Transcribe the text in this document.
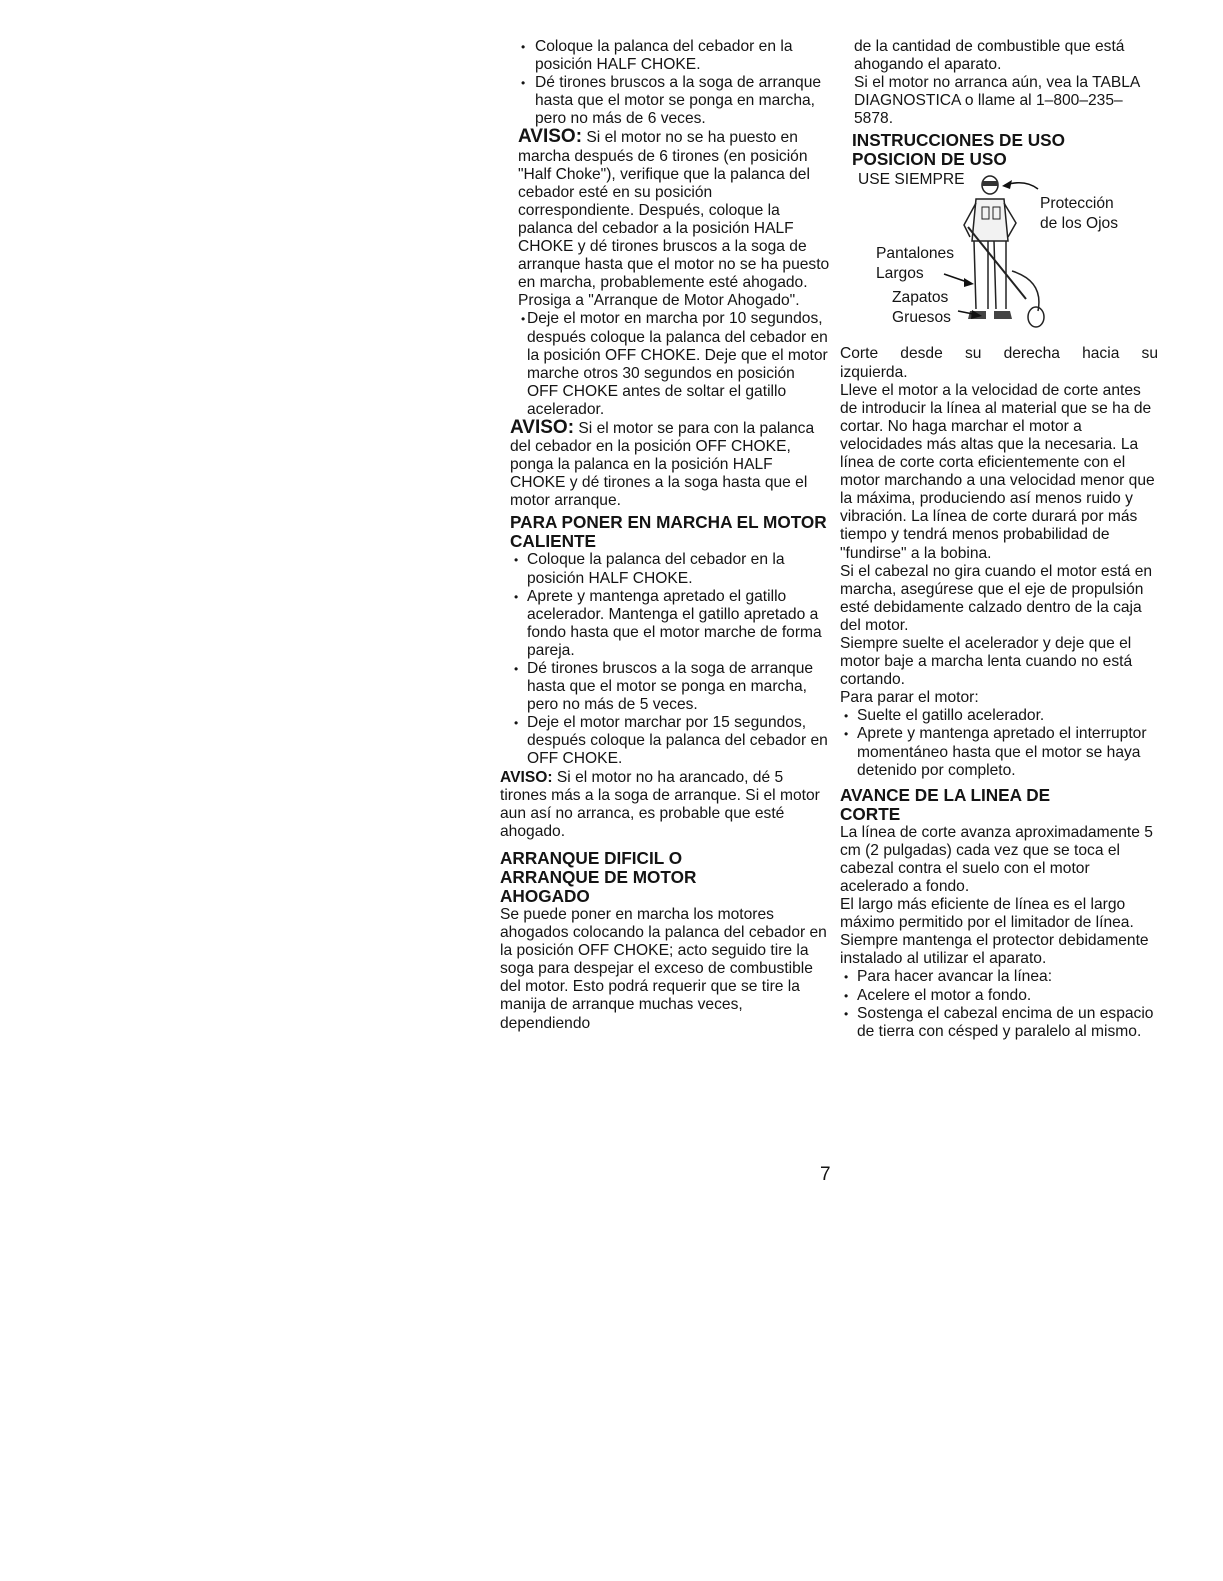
• Coloque la palanca del cebador en la posición HALF CHOKE.
• Dé tirones bruscos a la soga de arranque hasta que el motor se ponga en marcha, pero no más de 6 veces.

AVISO: Si el motor no se ha puesto en marcha después de 6 tirones (en posición "Half Choke"), verifique que la palanca del cebador esté en su posición correspondiente. Después, coloque la palanca del cebador a la posición HALF CHOKE y dé tirones bruscos a la soga de arranque hasta que el motor no se ha puesto en marcha, probablemente esté ahogado. Prosiga a "Arranque de Motor Ahogado".

• Deje el motor en marcha por 10 segundos, después coloque la palanca del cebador en la posición OFF CHOKE. Deje que el motor marche otros 30 segundos en posición OFF CHOKE antes de soltar el gatillo acelerador.

AVISO: Si el motor se para con la palanca del cebador en la posición OFF CHOKE, ponga la palanca en la posición HALF CHOKE y dé tirones a la soga hasta que el motor arranque.

PARA PONER EN MARCHA EL MOTOR CALIENTE
• Coloque la palanca del cebador en la posición HALF CHOKE.
• Aprete y mantenga apretado el gatillo acelerador. Mantenga el gatillo apretado a fondo hasta que el motor marche de forma pareja.
• Dé tirones bruscos a la soga de arranque hasta que el motor se ponga en marcha, pero no más de 5 veces.
• Deje el motor marchar por 15 segundos, después coloque la palanca del cebador en OFF CHOKE.

AVISO: Si el motor no ha arancado, dé 5 tirones más a la soga de arranque. Si el motor aun así no arranca, es probable que esté ahogado.

ARRANQUE DIFICIL O ARRANQUE DE MOTOR AHOGADO

Se puede poner en marcha los motores ahogados colocando la palanca del cebador en la posición OFF CHOKE; acto seguido tire la soga para despejar el exceso de combustible del motor. Esto podrá requerir que se tire la manija de arranque muchas veces, dependiendo

de la cantidad de combustible que está ahogando el aparato.

Si el motor no arranca aún, vea la TABLA DIAGNOSTICA o llame al 1–800–235–5878.

INSTRUCCIONES DE USO
POSICION DE USO
USE SIEMPRE
Protección
de los Ojos
Pantalones
Largos
Zapatos
Gruesos

Corte desde su derecha hacia su

izquierda.

Lleve el motor a la velocidad de corte antes de introducir la línea al material que se ha de cortar. No haga marchar el motor a velocidades más altas que la necesaria. La línea de corte corta eficientemente con el motor marchando a una velocidad menor que la máxima, produciendo así menos ruido y vibración. La línea de corte durará por más tiempo y tendrá menos probabilidad de "fundirse" a la bobina.

Si el cabezal no gira cuando el motor está en marcha, asegúrese que el eje de propulsión esté debidamente calzado dentro de la caja del motor.

Siempre suelte el acelerador y deje que el motor baje a marcha lenta cuando no está cortando.

Para parar el motor:

• Suelte el gatillo acelerador.
• Aprete y mantenga apretado el interruptor momentáneo hasta que el motor se haya detenido por completo.
AVANCE DE LA LINEA DE CORTE

La línea de corte avanza aproximadamente 5 cm (2 pulgadas) cada vez que se toca el cabezal contra el suelo con el motor acelerado a fondo.

El largo más eficiente de línea es el largo máximo permitido por el limitador de línea.

Siempre mantenga el protector debidamente instalado al utilizar el aparato.

• Para hacer avancar la línea:
• Acelere el motor a fondo.
• Sostenga el cabezal encima de un espacio de tierra con césped y paralelo al mismo.
7
